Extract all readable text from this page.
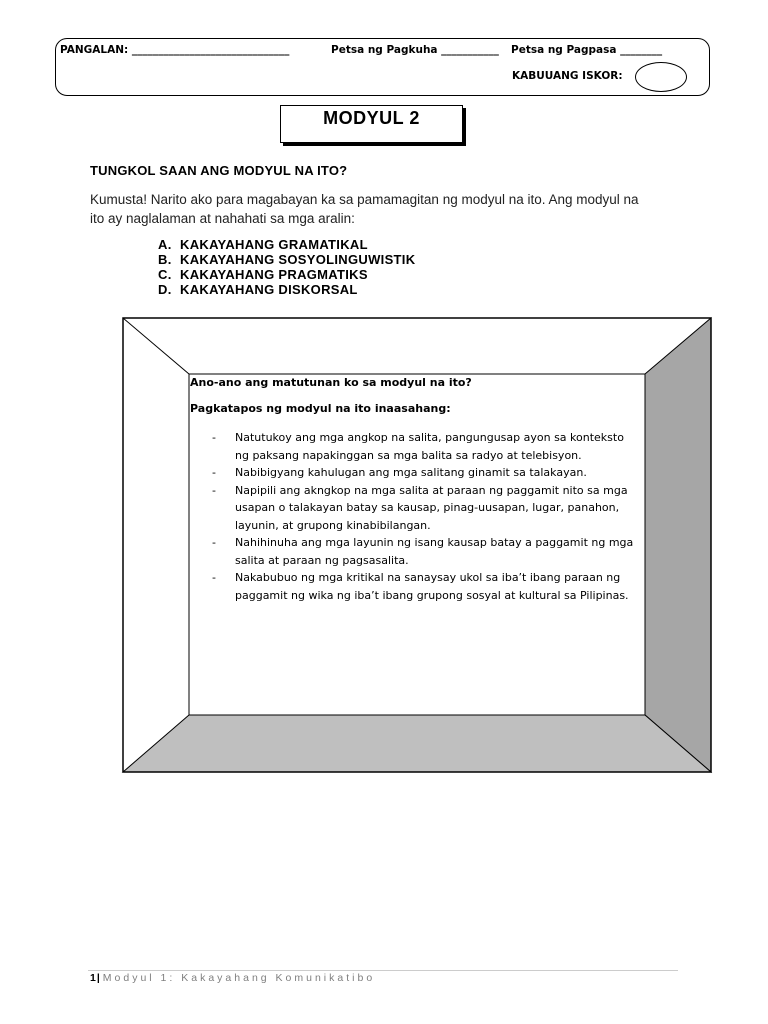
PANGALAN: ______________________________	Petsa ng Pagkuha ___________ Petsa ng Pagpasa ________
KABUUANG ISKOR:
MODYUL 2
TUNGKOL SAAN ANG MODYUL NA ITO?
Kumusta! Narito ako para magabayan ka sa pamamagitan ng modyul na ito. Ang modyul na ito ay naglalaman at nahahati sa mga aralin:
A. KAKAYAHANG GRAMATIKAL
B. KAKAYAHANG SOSYOLINGUWISTIK
C. KAKAYAHANG PRAGMATIKS
D. KAKAYAHANG DISKORSAL
Ano-ano ang matutunan ko sa modyul na ito?
Pagkatapos ng modyul na ito inaasahang:
- Natutukoy ang mga angkop na salita, pangungusap ayon sa konteksto ng paksang napakinggan sa mga balita sa radyo at telebisyon.
- Nabibigyang kahulugan ang mga salitang ginamit sa talakayan.
- Napipili ang akngkop na mga salita at paraan ng paggamit nito sa mga usapan o talakayan batay sa kausap, pinag-uusapan, lugar, panahon, layunin, at grupong kinabibilangan.
- Nahihinuha ang mga layunin ng isang kausap batay a paggamit ng mga salita at paraan ng pagsasalita.
- Nakabubuo ng mga kritikal na sanaysay ukol sa iba’t ibang paraan ng paggamit ng wika ng iba’t ibang grupong sosyal at kultural sa Pilipinas.
1| Modyul 1: Kakayahang Komunikatibo
